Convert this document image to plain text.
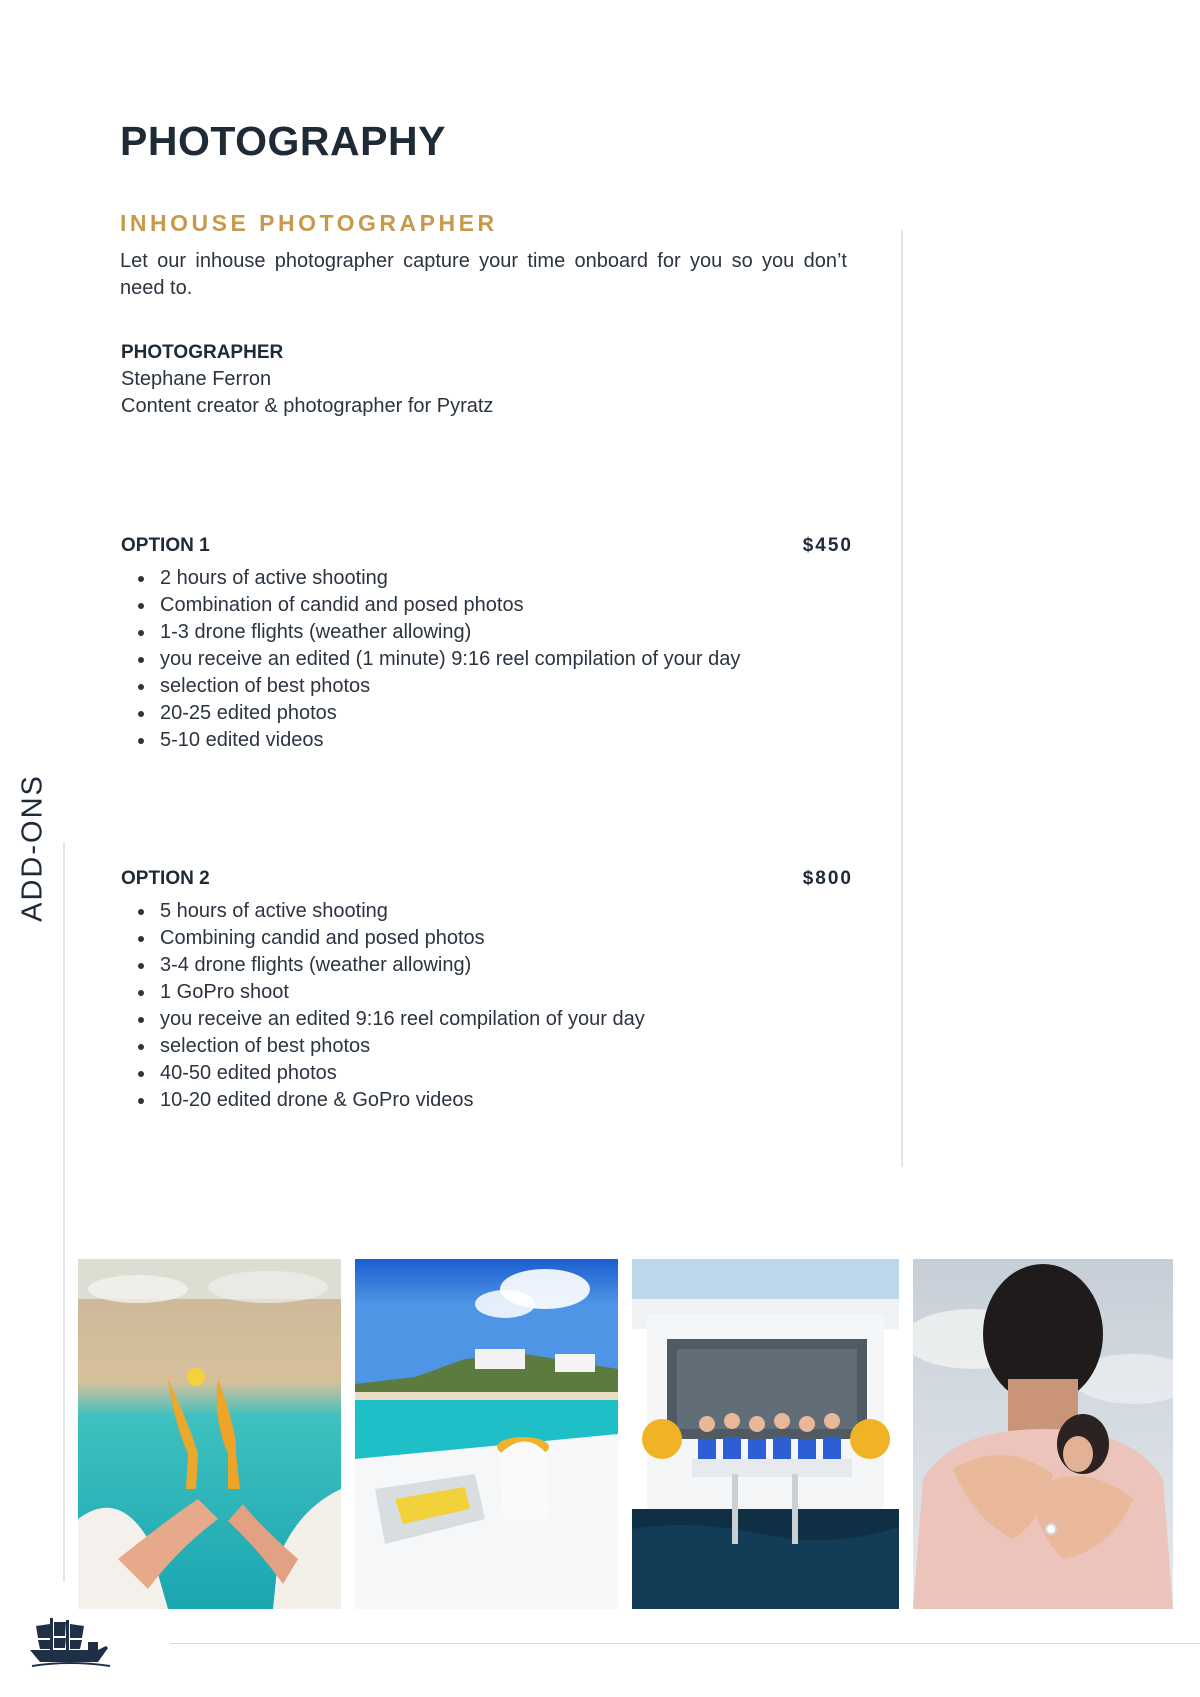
PHOTOGRAPHY
INHOUSE PHOTOGRAPHER
Let our inhouse photographer capture your time onboard for you so you don’t need to.
PHOTOGRAPHER
Stephane Ferron
Content creator & photographer for Pyratz
OPTION 1	$450
• 2 hours of active shooting
• Combination of candid and posed photos
• 1-3 drone flights (weather allowing)
• you receive an edited (1 minute) 9:16 reel compilation of your day
• selection of best photos
• 20-25 edited photos
• 5-10 edited videos
OPTION 2	$800
• 5 hours of active shooting
• Combining candid and posed photos
• 3-4 drone flights (weather allowing)
• 1 GoPro shoot
• you receive an edited 9:16 reel compilation of your day
• selection of best photos
• 40-50 edited photos
• 10-20 edited drone & GoPro videos
ADD-ONS
